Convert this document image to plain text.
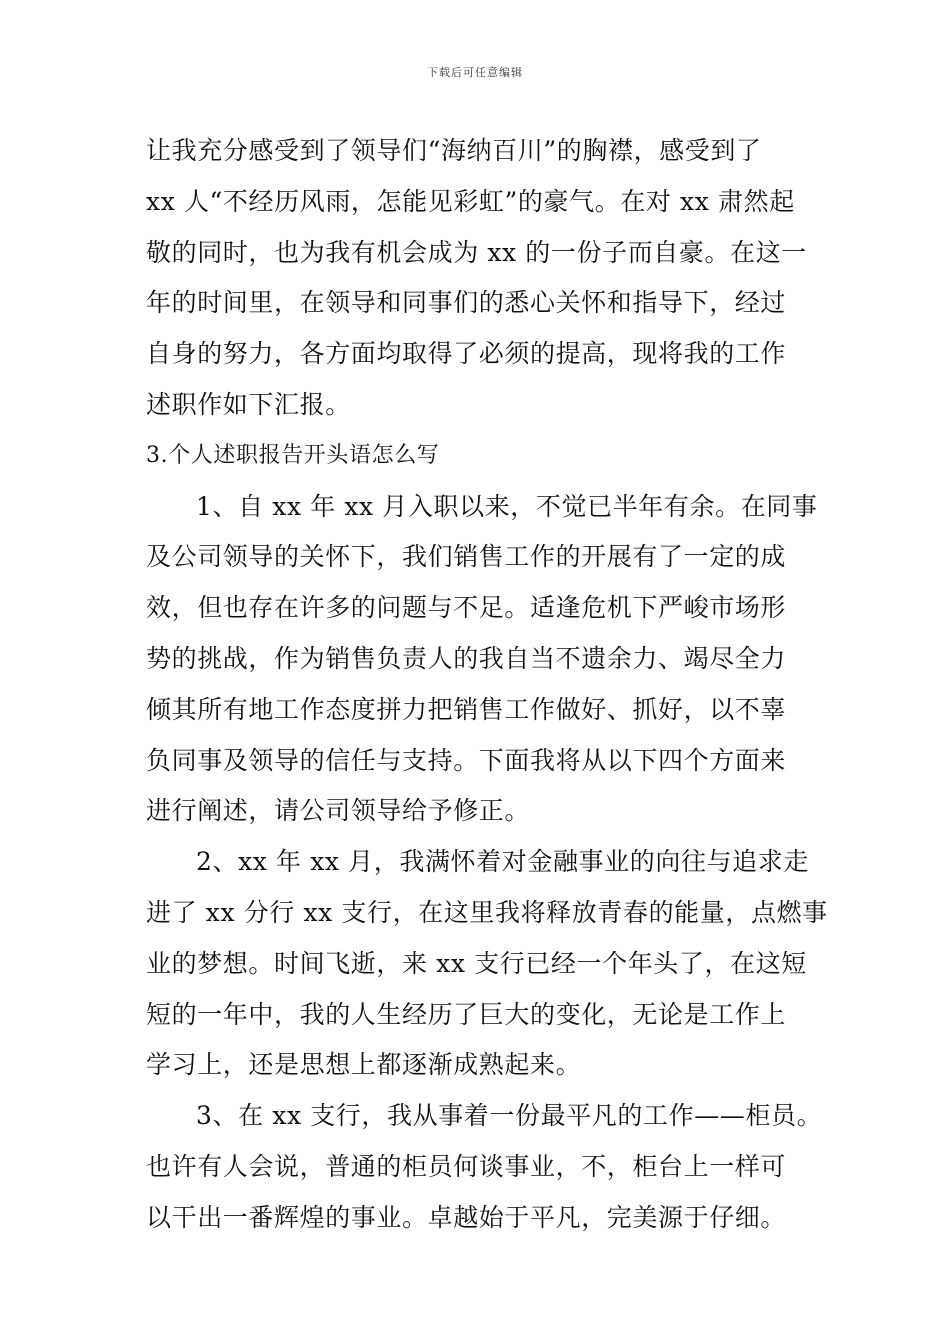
下载后可任意编辑
让我充分感受到了领导们“海纳百川”的胸襟，感受到了
xx 人“不经历风雨，怎能见彩虹”的豪气。在对 xx 肃然起
敬的同时，也为我有机会成为 xx 的一份子而自豪。在这一
年的时间里，在领导和同事们的悉心关怀和指导下，经过
自身的努力，各方面均取得了必须的提高，现将我的工作
述职作如下汇报。
3.个人述职报告开头语怎么写
1、自 xx 年 xx 月入职以来，不觉已半年有余。在同事
及公司领导的关怀下，我们销售工作的开展有了一定的成
效，但也存在许多的问题与不足。适逢危机下严峻市场形
势的挑战，作为销售负责人的我自当不遗余力、竭尽全力
倾其所有地工作态度拼力把销售工作做好、抓好，以不辜
负同事及领导的信任与支持。下面我将从以下四个方面来
进行阐述，请公司领导给予修正。
2、xx 年 xx 月，我满怀着对金融事业的向往与追求走
进了 xx 分行 xx 支行，在这里我将释放青春的能量，点燃事
业的梦想。时间飞逝，来 xx 支行已经一个年头了，在这短
短的一年中，我的人生经历了巨大的变化，无论是工作上
学习上，还是思想上都逐渐成熟起来。
3、在 xx 支行，我从事着一份最平凡的工作——柜员。
也许有人会说，普通的柜员何谈事业，不，柜台上一样可
以干出一番辉煌的事业。卓越始于平凡，完美源于仔细。
